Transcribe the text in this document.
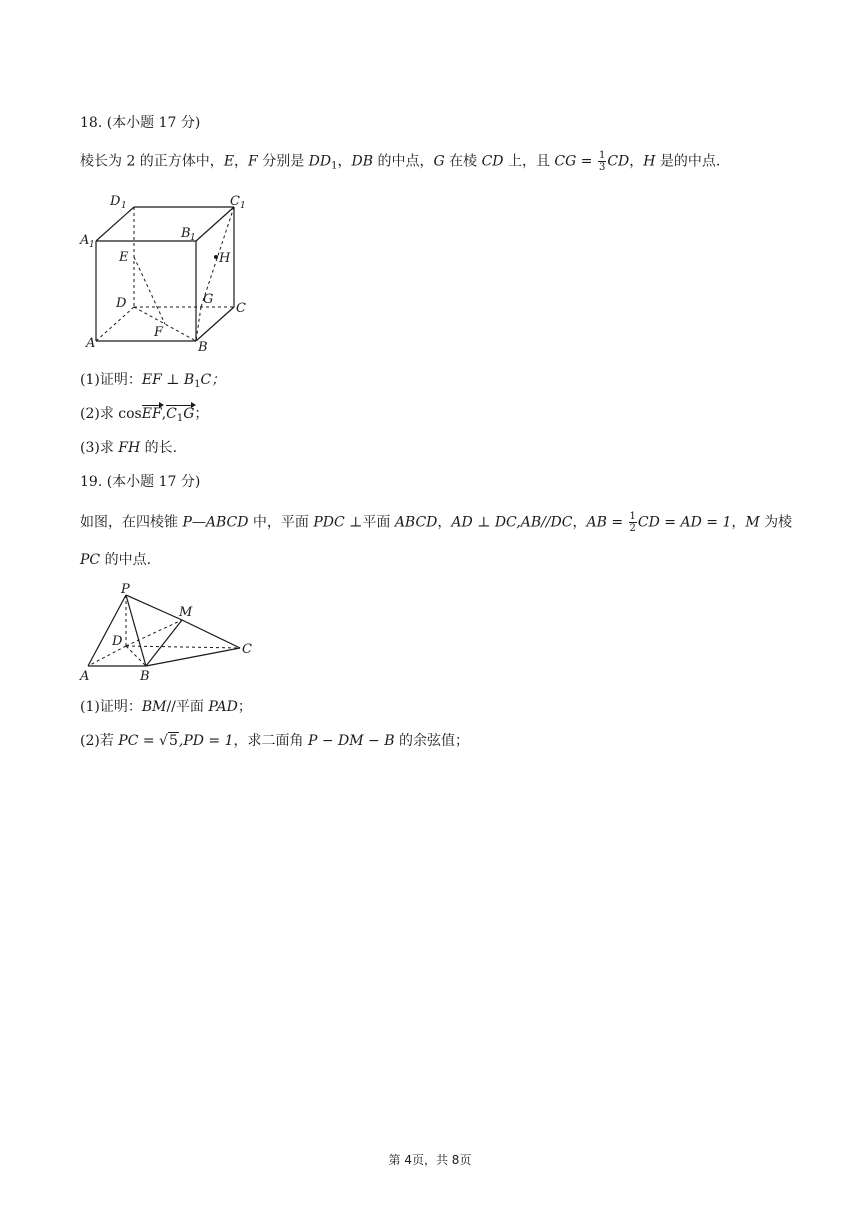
18. (本小题 17 分)
棱长为 2 的正方体中，E，F 分别是 $DD_1$，DB 的中点，G 在棱 CD 上，且 CG = $\frac{1}{3}$ CD，H 是的中点.
D 1	C 1
A 1
B 1
E	H
D	G
C
F
A	B
(1)证明：EF ⊥ $B_1C$；
(2)求 $cosEF,C_1G$；
(3)求 FH 的长.
19. (本小题 17 分)
如图，在四棱锥 P—ABCD 中，平面 PDC ⊥平面 ABCD，AD ⊥ DC,AB//DC，AB = $\frac{1}{2}$ CD = AD = 1，M 为棱
PC 的中点.
P
M
D
C
A	B
(1)证明：BM//平面 PAD；
(2)若 PC = √5,PD = 1，求二面角 P − DM − B 的余弦值；
第 4页，共 8页
